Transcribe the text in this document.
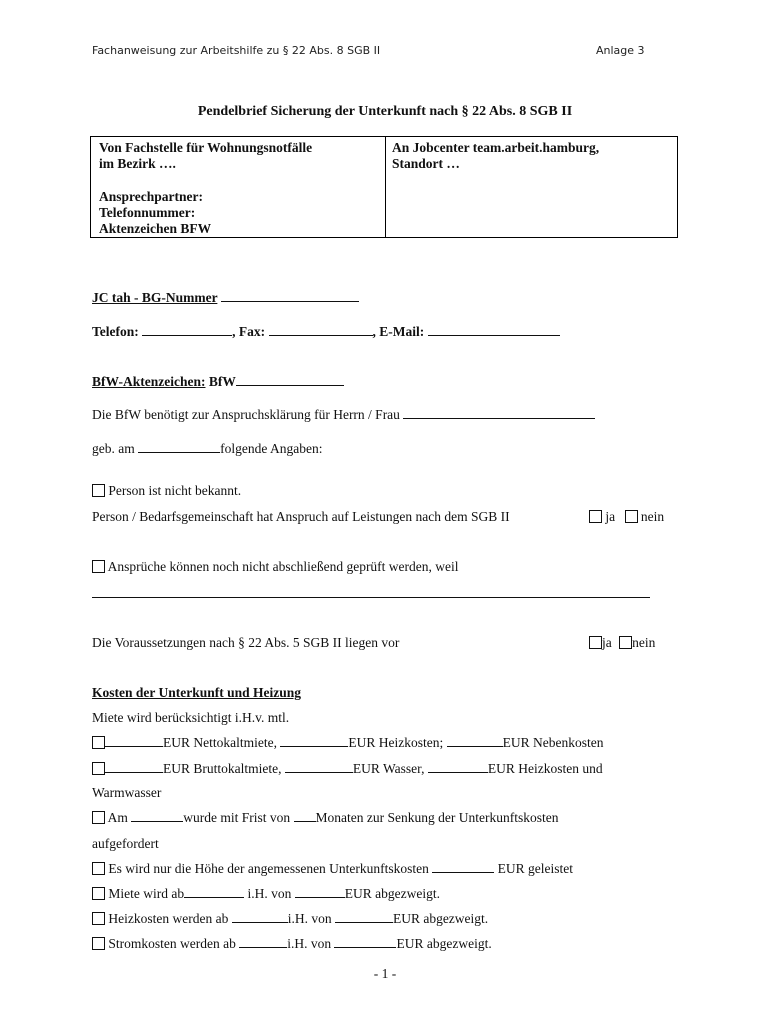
Fachanweisung zur Arbeitshilfe zu § 22 Abs. 8 SGB II	Anlage 3
Pendelbrief Sicherung der Unterkunft nach § 22 Abs. 8 SGB II
Von Fachstelle für Wohnungsnotfälle
im Bezirk ….
Ansprechpartner:
Telefonnummer:
Aktenzeichen BFW
An Jobcenter team.arbeit.hamburg,
Standort …
JC tah - BG-Nummer
Telefon:	, Fax:	, E-Mail:
BfW-Aktenzeichen: BfW
Die BfW benötigt zur Anspruchsklärung für Herrn / Frau
geb. am	folgende Angaben:
Person ist nicht bekannt.
Person / Bedarfsgemeinschaft hat Anspruch auf Leistungen nach dem SGB II	ja nein
Ansprüche können noch nicht abschließend geprüft werden, weil
Die Voraussetzungen nach § 22 Abs. 5 SGB II liegen vor	ja nein
Kosten der Unterkunft und Heizung
Miete wird berücksichtigt i.H.v. mtl.
EUR Nettokaltmiete,	EUR Heizkosten;	EUR Nebenkosten
EUR Bruttokaltmiete,	EUR Wasser,	EUR Heizkosten und
Warmwasser
Am	wurde mit Frist von Monaten zur Senkung der Unterkunftskosten
aufgefordert
Es wird nur die Höhe der angemessenen Unterkunftskosten	EUR geleistet
Miete wird ab	i.H. von	EUR abgezweigt.
Heizkosten werden ab	i.H. von	EUR abgezweigt.
Stromkosten werden ab	i.H. von	EUR abgezweigt.
- 1 -
